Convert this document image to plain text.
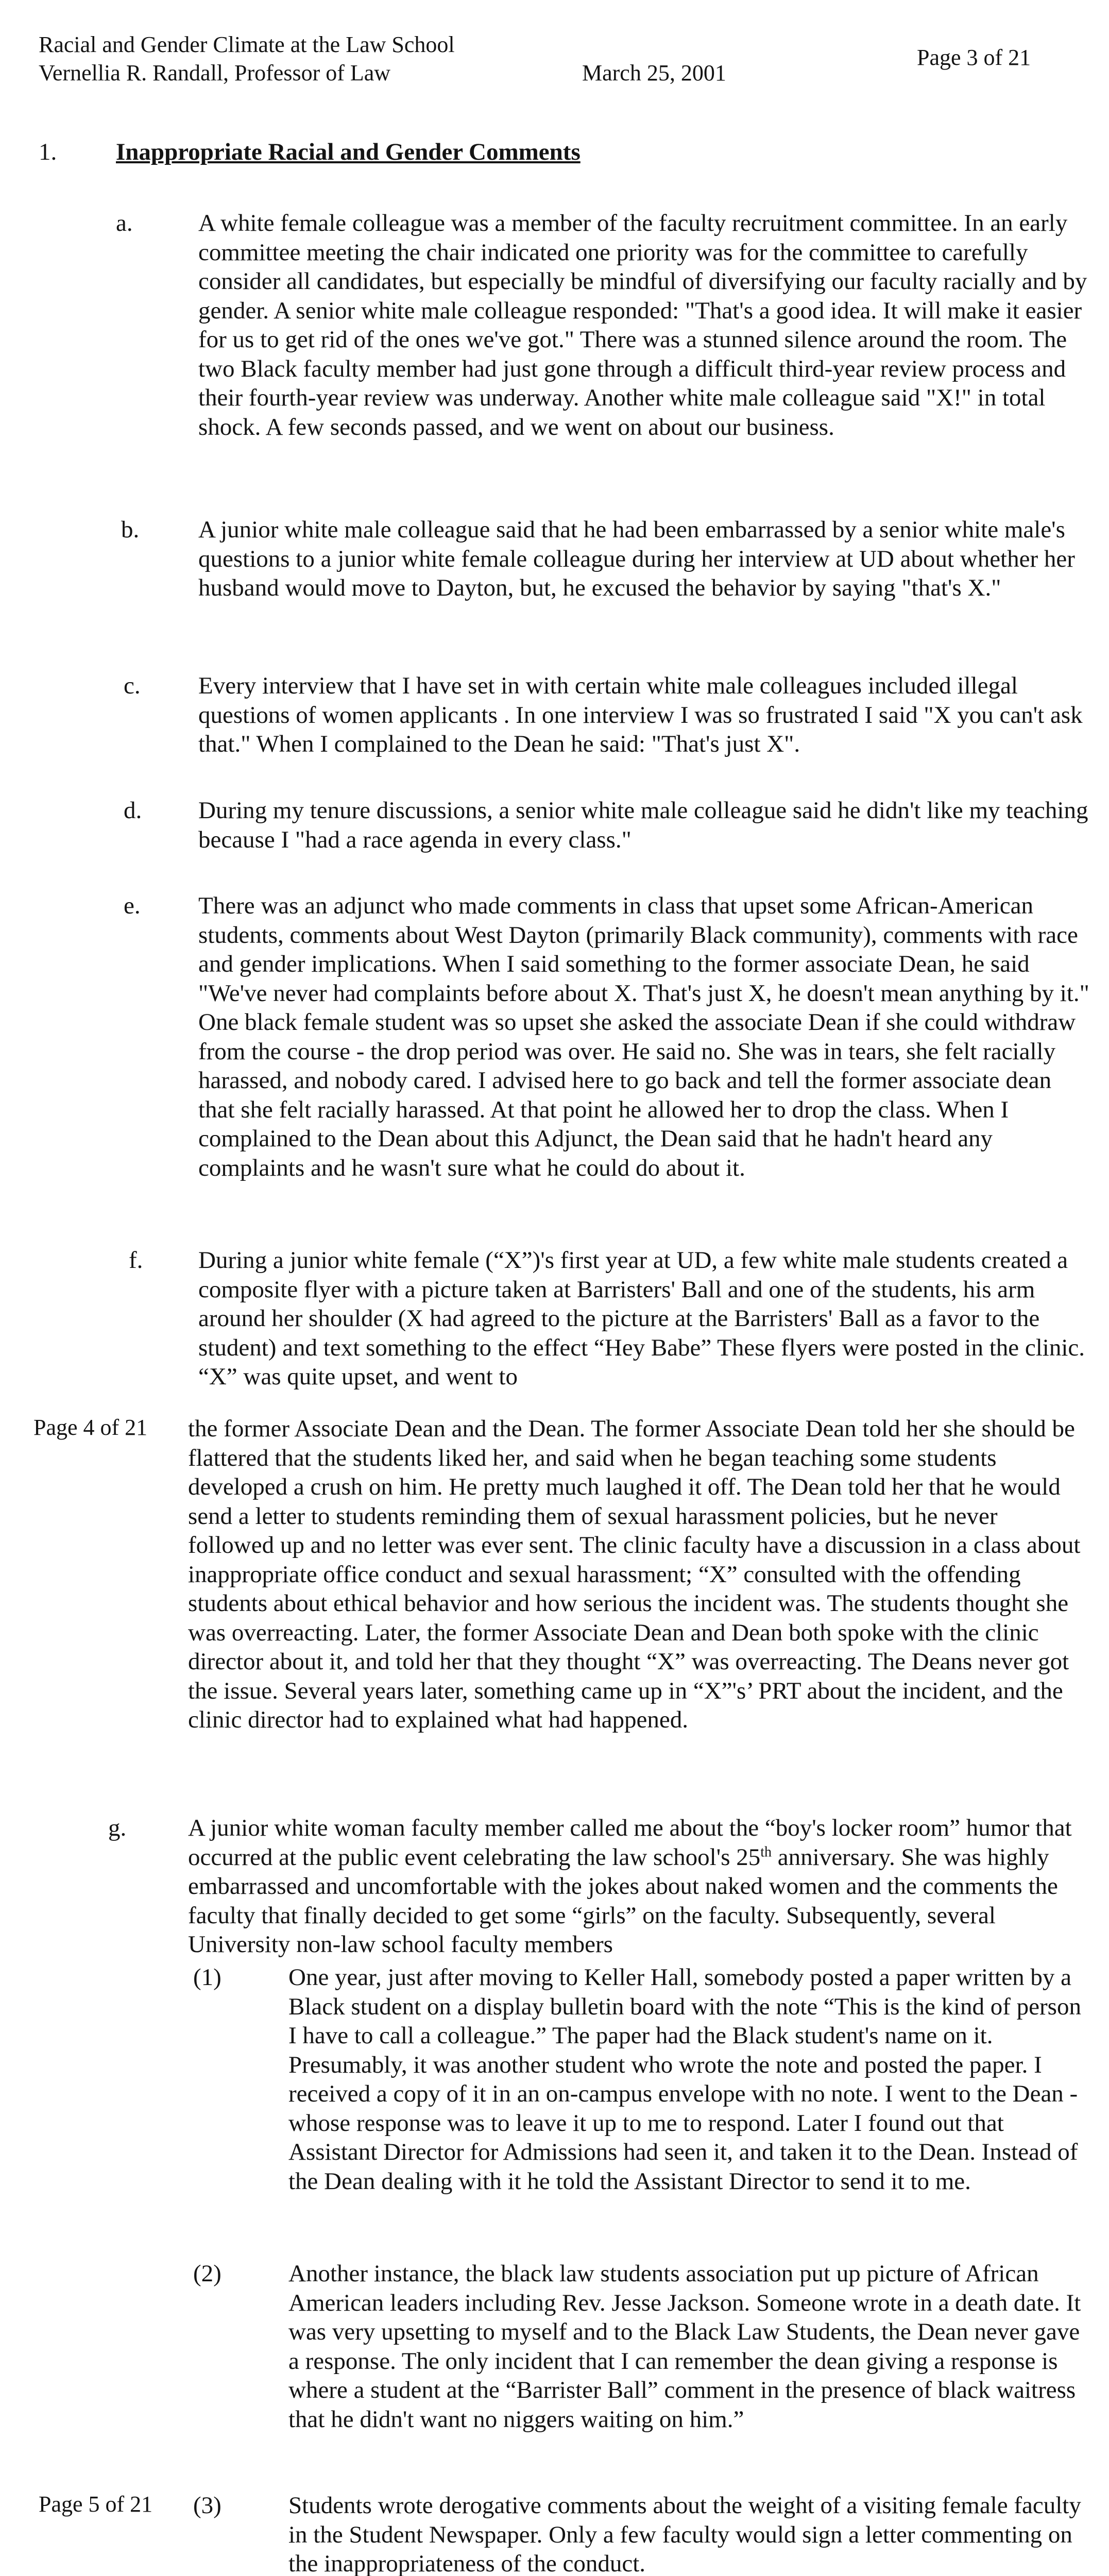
Racial and Gender Climate at the Law School
Vernellia R. Randall, Professor of Law	March 25, 2001
Page 3 of 21
1. Inappropriate Racial and Gender Comments
a.	A white female colleague was a member of the faculty recruitment committee. In an early committee meeting the chair indicated one priority was for the committee to carefully consider all candidates, but especially be mindful of diversifying our faculty racially and by gender. A senior white male colleague responded: "That's a good idea. It will make it easier for us to get rid of the ones we've got." There was a stunned silence around the room. The two Black faculty member had just gone through a difficult third-year review process and their fourth-year review was underway. Another white male colleague said "X!" in total shock. A few seconds passed, and we went on about our business.
b. A junior white male colleague said that he had been embarrassed by a senior white male's questions to a junior white female colleague during her interview at UD about whether her husband would move to Dayton, but, he excused the behavior by saying "that's X."
c. Every interview that I have set in with certain white male colleagues included illegal questions of women applicants . In one interview I was so frustrated I said "X you can't ask that." When I complained to the Dean he said: "That's just X".
d. During my tenure discussions, a senior white male colleague said he didn't like my teaching because I "had a race agenda in every class."
e. There was an adjunct who made comments in class that upset some African-American students, comments about West Dayton (primarily Black community), comments with race and gender implications. When I said something to the former associate Dean, he said "We've never had complaints before about X. That's just X, he doesn't mean anything by it." One black female student was so upset she asked the associate Dean if she could withdraw from the course - the drop period was over. He said no. She was in tears, she felt racially harassed, and nobody cared. I advised here to go back and tell the former associate dean that she felt racially harassed. At that point he allowed her to drop the class. When I complained to the Dean about this Adjunct, the Dean said that he hadn't heard any complaints and he wasn't sure what he could do about it.
f. During a junior white female (“X”)'s first year at UD, a few white male students created a composite flyer with a picture taken at Barristers' Ball and one of the students, his arm around her shoulder (X had agreed to the picture at the Barristers' Ball as a favor to the student) and text something to the effect “Hey Babe” These flyers were posted in the clinic. “X” was quite upset, and went to
Page 4 of 21 the former Associate Dean and the Dean. The former Associate Dean told her she should be flattered that the students liked her, and said when he began teaching some students developed a crush on him. He pretty much laughed it off. The Dean told her that he would send a letter to students reminding them of sexual harassment policies, but he never followed up and no letter was ever sent. The clinic faculty have a discussion in a class about inappropriate office conduct and sexual harassment; “X” consulted with the offending students about ethical behavior and how serious the incident was. The students thought she was overreacting. Later, the former Associate Dean and Dean both spoke with the clinic director about it, and told her that they thought “X” was overreacting. The Deans never got the issue. Several years later, something came up in “X”'s’ PRT about the incident, and the clinic director had to explained what had happened.
g.	A junior white woman faculty member called me about the “boy's locker room” humor that occurred at the public event celebrating the law school's 25th anniversary. She was highly embarrassed and uncomfortable with the jokes about naked women and the comments the faculty that finally decided to get some “girls” on the faculty. Subsequently, several University non-law school faculty members
(1)	One year, just after moving to Keller Hall, somebody posted a paper written by a Black student on a display bulletin board with the note “This is the kind of person I have to call a colleague.” The paper had the Black student's name on it. Presumably, it was another student who wrote the note and posted the paper. I received a copy of it in an on-campus envelope with no note. I went to the Dean - whose response was to leave it up to me to respond. Later I found out that Assistant Director for Admissions had seen it, and taken it to the Dean. Instead of the Dean dealing with it he told the Assistant Director to send it to me.
(2)	Another instance, the black law students association put up picture of African American leaders including Rev. Jesse Jackson. Someone wrote in a death date. It was very upsetting to myself and to the Black Law Students, the Dean never gave a response. The only incident that I can remember the dean giving a response is where a student at the “Barrister Ball” comment in the presence of black waitress that he didn't want no niggers waiting on him.”
Page 5 of 21 (3)	Students wrote derogative comments about the weight of a visiting female faculty in the Student Newspaper. Only a few faculty would sign a letter commenting on the inappropriateness of the conduct.
